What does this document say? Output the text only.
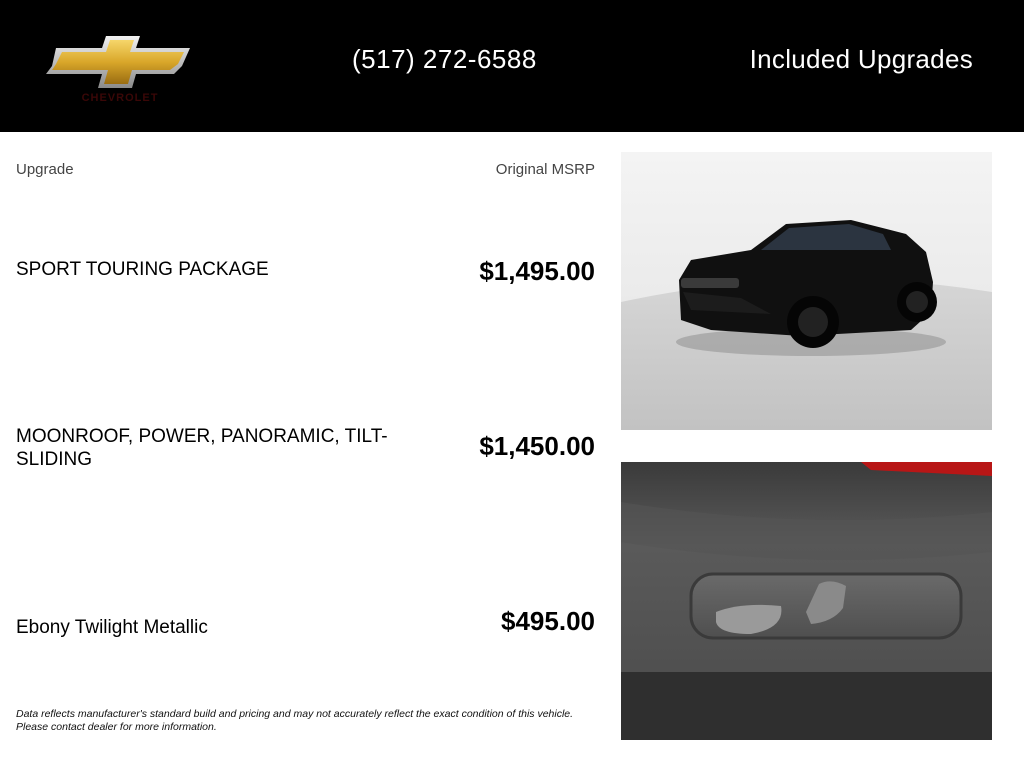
CHEVROLET
(517) 272-6588	Included Upgrades
Upgrade	Original MSRP
SPORT TOURING PACKAGE	$1,495.00
MOONROOF, POWER, PANORAMIC, TILT-SLIDING	$1,450.00
Ebony Twilight Metallic	$495.00
Data reflects manufacturer's standard build and pricing and may not accurately reflect the exact condition of this vehicle. Please contact dealer for more information.
